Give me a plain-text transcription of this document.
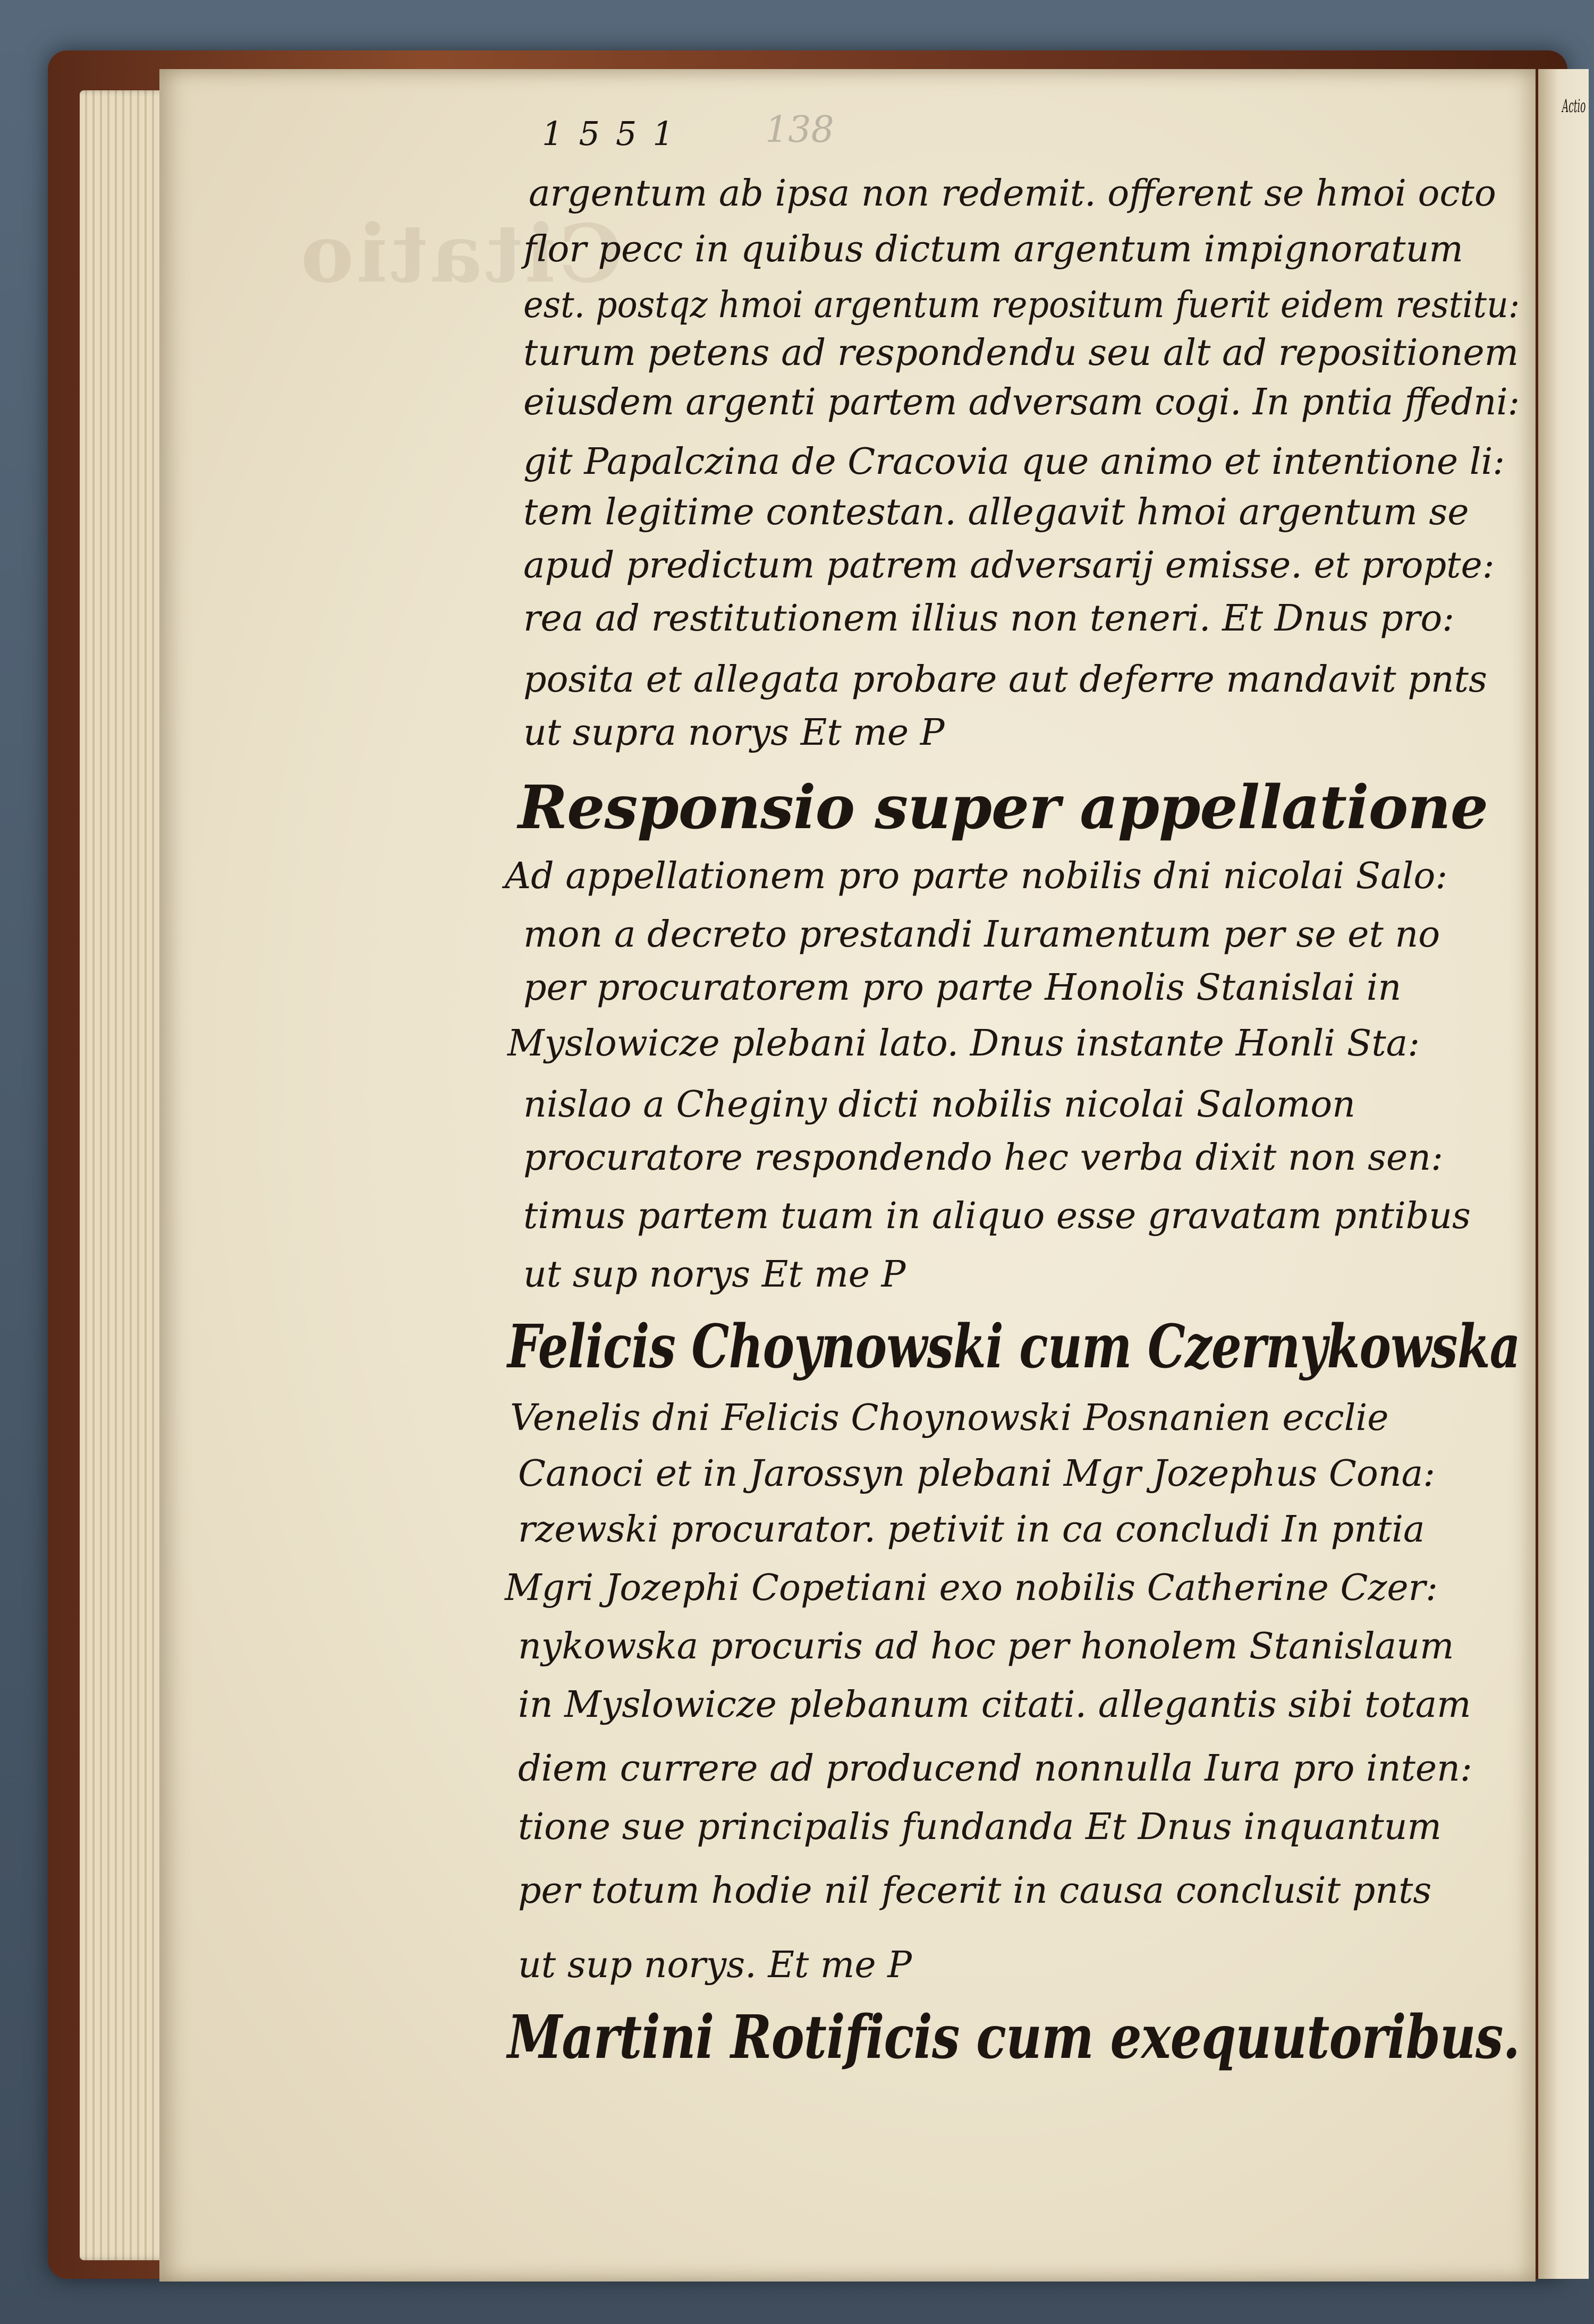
Actio
Citatio
1551 138
argentum ab ipsa non redemit. offerent se hmoi octo
flor pecc in quibus dictum argentum impignoratum
est. postqz hmoi argentum repositum fuerit eidem restitu:
turum petens ad respondendu seu alt ad repositionem
eiusdem argenti partem adversam cogi. In pntia ffedni:
git Papalczina de Cracovia que animo et intentione li:
tem legitime contestan. allegavit hmoi argentum se
apud predictum patrem adversarij emisse. et propte:
rea ad restitutionem illius non teneri. Et Dnus pro:
posita et allegata probare aut deferre mandavit pnts
ut supra norys Et me P
Responsio super appellatione
Ad appellationem pro parte nobilis dni nicolai Salo:
mon a decreto prestandi Iuramentum per se et no
per procuratorem pro parte Honolis Stanislai in
Myslowicze plebani lato. Dnus instante Honli Sta:
nislao a Cheginy dicti nobilis nicolai Salomon
procuratore respondendo hec verba dixit non sen:
timus partem tuam in aliquo esse gravatam pntibus
ut sup norys Et me P
Felicis Choynowski cum Czernykowska
Venelis dni Felicis Choynowski Posnanien ecclie
Canoci et in Jarossyn plebani Mgr Jozephus Cona:
rzewski procurator. petivit in ca concludi In pntia
Mgri Jozephi Copetiani exo nobilis Catherine Czer:
nykowska procuris ad hoc per honolem Stanislaum
in Myslowicze plebanum citati. allegantis sibi totam
diem currere ad producend nonnulla Iura pro inten:
tione sue principalis fundanda Et Dnus inquantum
per totum hodie nil fecerit in causa conclusit pnts
ut sup norys. Et me P
Martini Rotificis cum exequutoribus.
